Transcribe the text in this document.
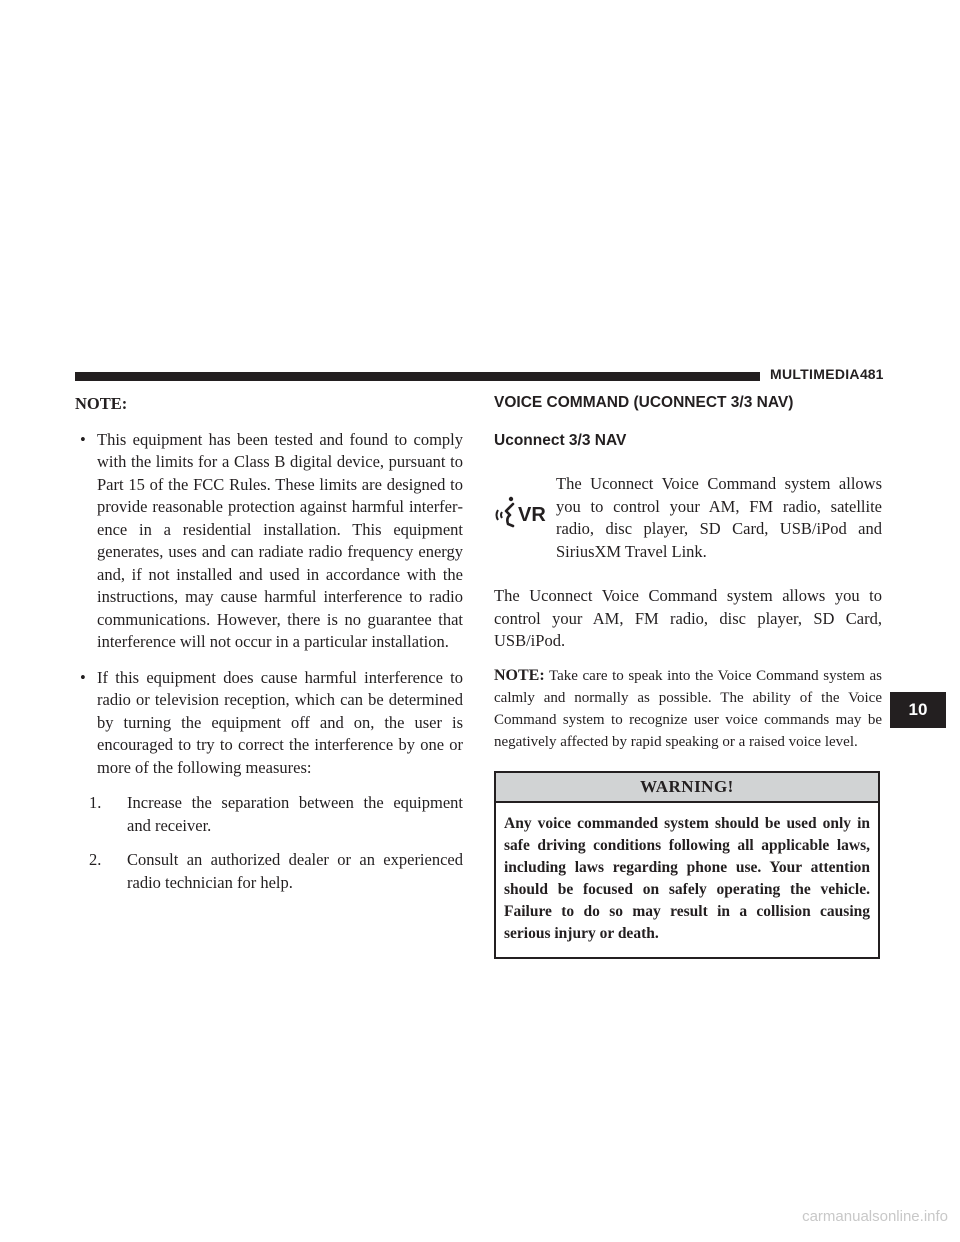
MULTIMEDIA 481
NOTE:
• This equipment has been tested and found to comply with the limits for a Class B digital device, pursuant to Part 15 of the FCC Rules. These limits are designed to provide reasonable protection against harmful interference in a residential installation. This equipment generates, uses and can radiate radio frequency energy and, if not installed and used in accordance with the instructions, may cause harmful interference to radio communications. However, there is no guarantee that interference will not occur in a particular installation.
• If this equipment does cause harmful interference to radio or television reception, which can be determined by turning the equipment off and on, the user is encouraged to try to correct the interference by one or more of the following measures:
1. Increase the separation between the equipment and receiver.
2. Consult an authorized dealer or an experienced radio technician for help.
VOICE COMMAND (UCONNECT 3/3 NAV)
Uconnect 3/3 NAV
VR
The Uconnect Voice Command system allows you to control your AM, FM radio, satellite radio, disc player, SD Card, USB/iPod and SiriusXM Travel Link.
The Uconnect Voice Command system allows you to control your AM, FM radio, disc player, SD Card, USB/iPod.
NOTE: Take care to speak into the Voice Command system as calmly and normally as possible. The ability of the Voice Command system to recognize user voice commands may be negatively affected by rapid speaking or a raised voice level.
WARNING!
Any voice commanded system should be used only in safe driving conditions following all applicable laws, including laws regarding phone use. Your attention should be focused on safely operating the vehicle. Failure to do so may result in a collision causing serious injury or death.
10
carmanualsonline.info
